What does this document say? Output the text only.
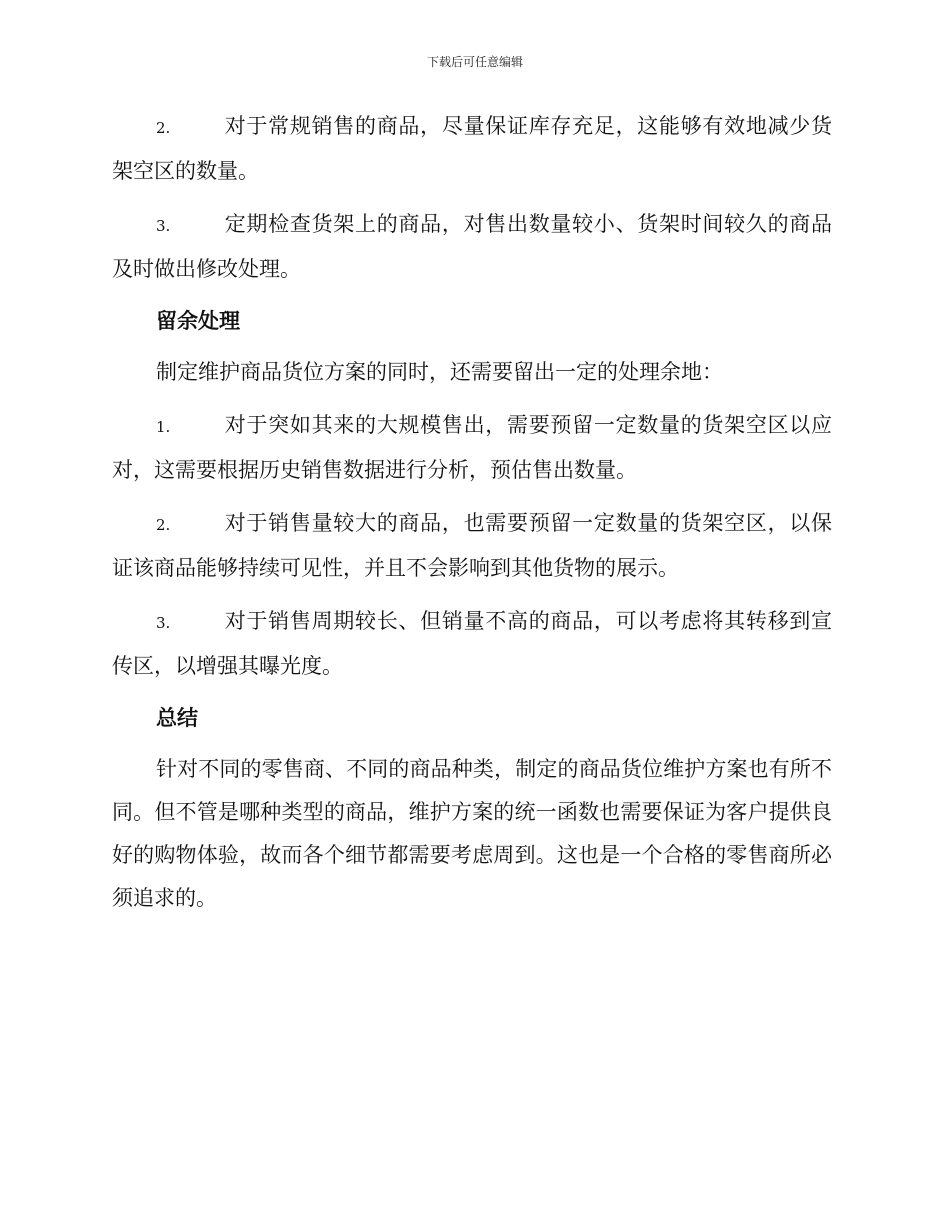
下载后可任意编辑

2.	对于常规销售的商品，尽量保证库存充足，这能够有效地减少货架空区的数量。

3.	定期检查货架上的商品，对售出数量较小、货架时间较久的商品及时做出修改处理。

留余处理

制定维护商品货位方案的同时，还需要留出一定的处理余地：

1.	对于突如其来的大规模售出，需要预留一定数量的货架空区以应对，这需要根据历史销售数据进行分析，预估售出数量。

2.	对于销售量较大的商品，也需要预留一定数量的货架空区，以保证该商品能够持续可见性，并且不会影响到其他货物的展示。

3.	对于销售周期较长、但销量不高的商品，可以考虑将其转移到宣传区，以增强其曝光度。

总结

针对不同的零售商、不同的商品种类，制定的商品货位维护方案也有所不同。但不管是哪种类型的商品，维护方案的统一函数也需要保证为客户提供良好的购物体验，故而各个细节都需要考虑周到。这也是一个合格的零售商所必须追求的。
